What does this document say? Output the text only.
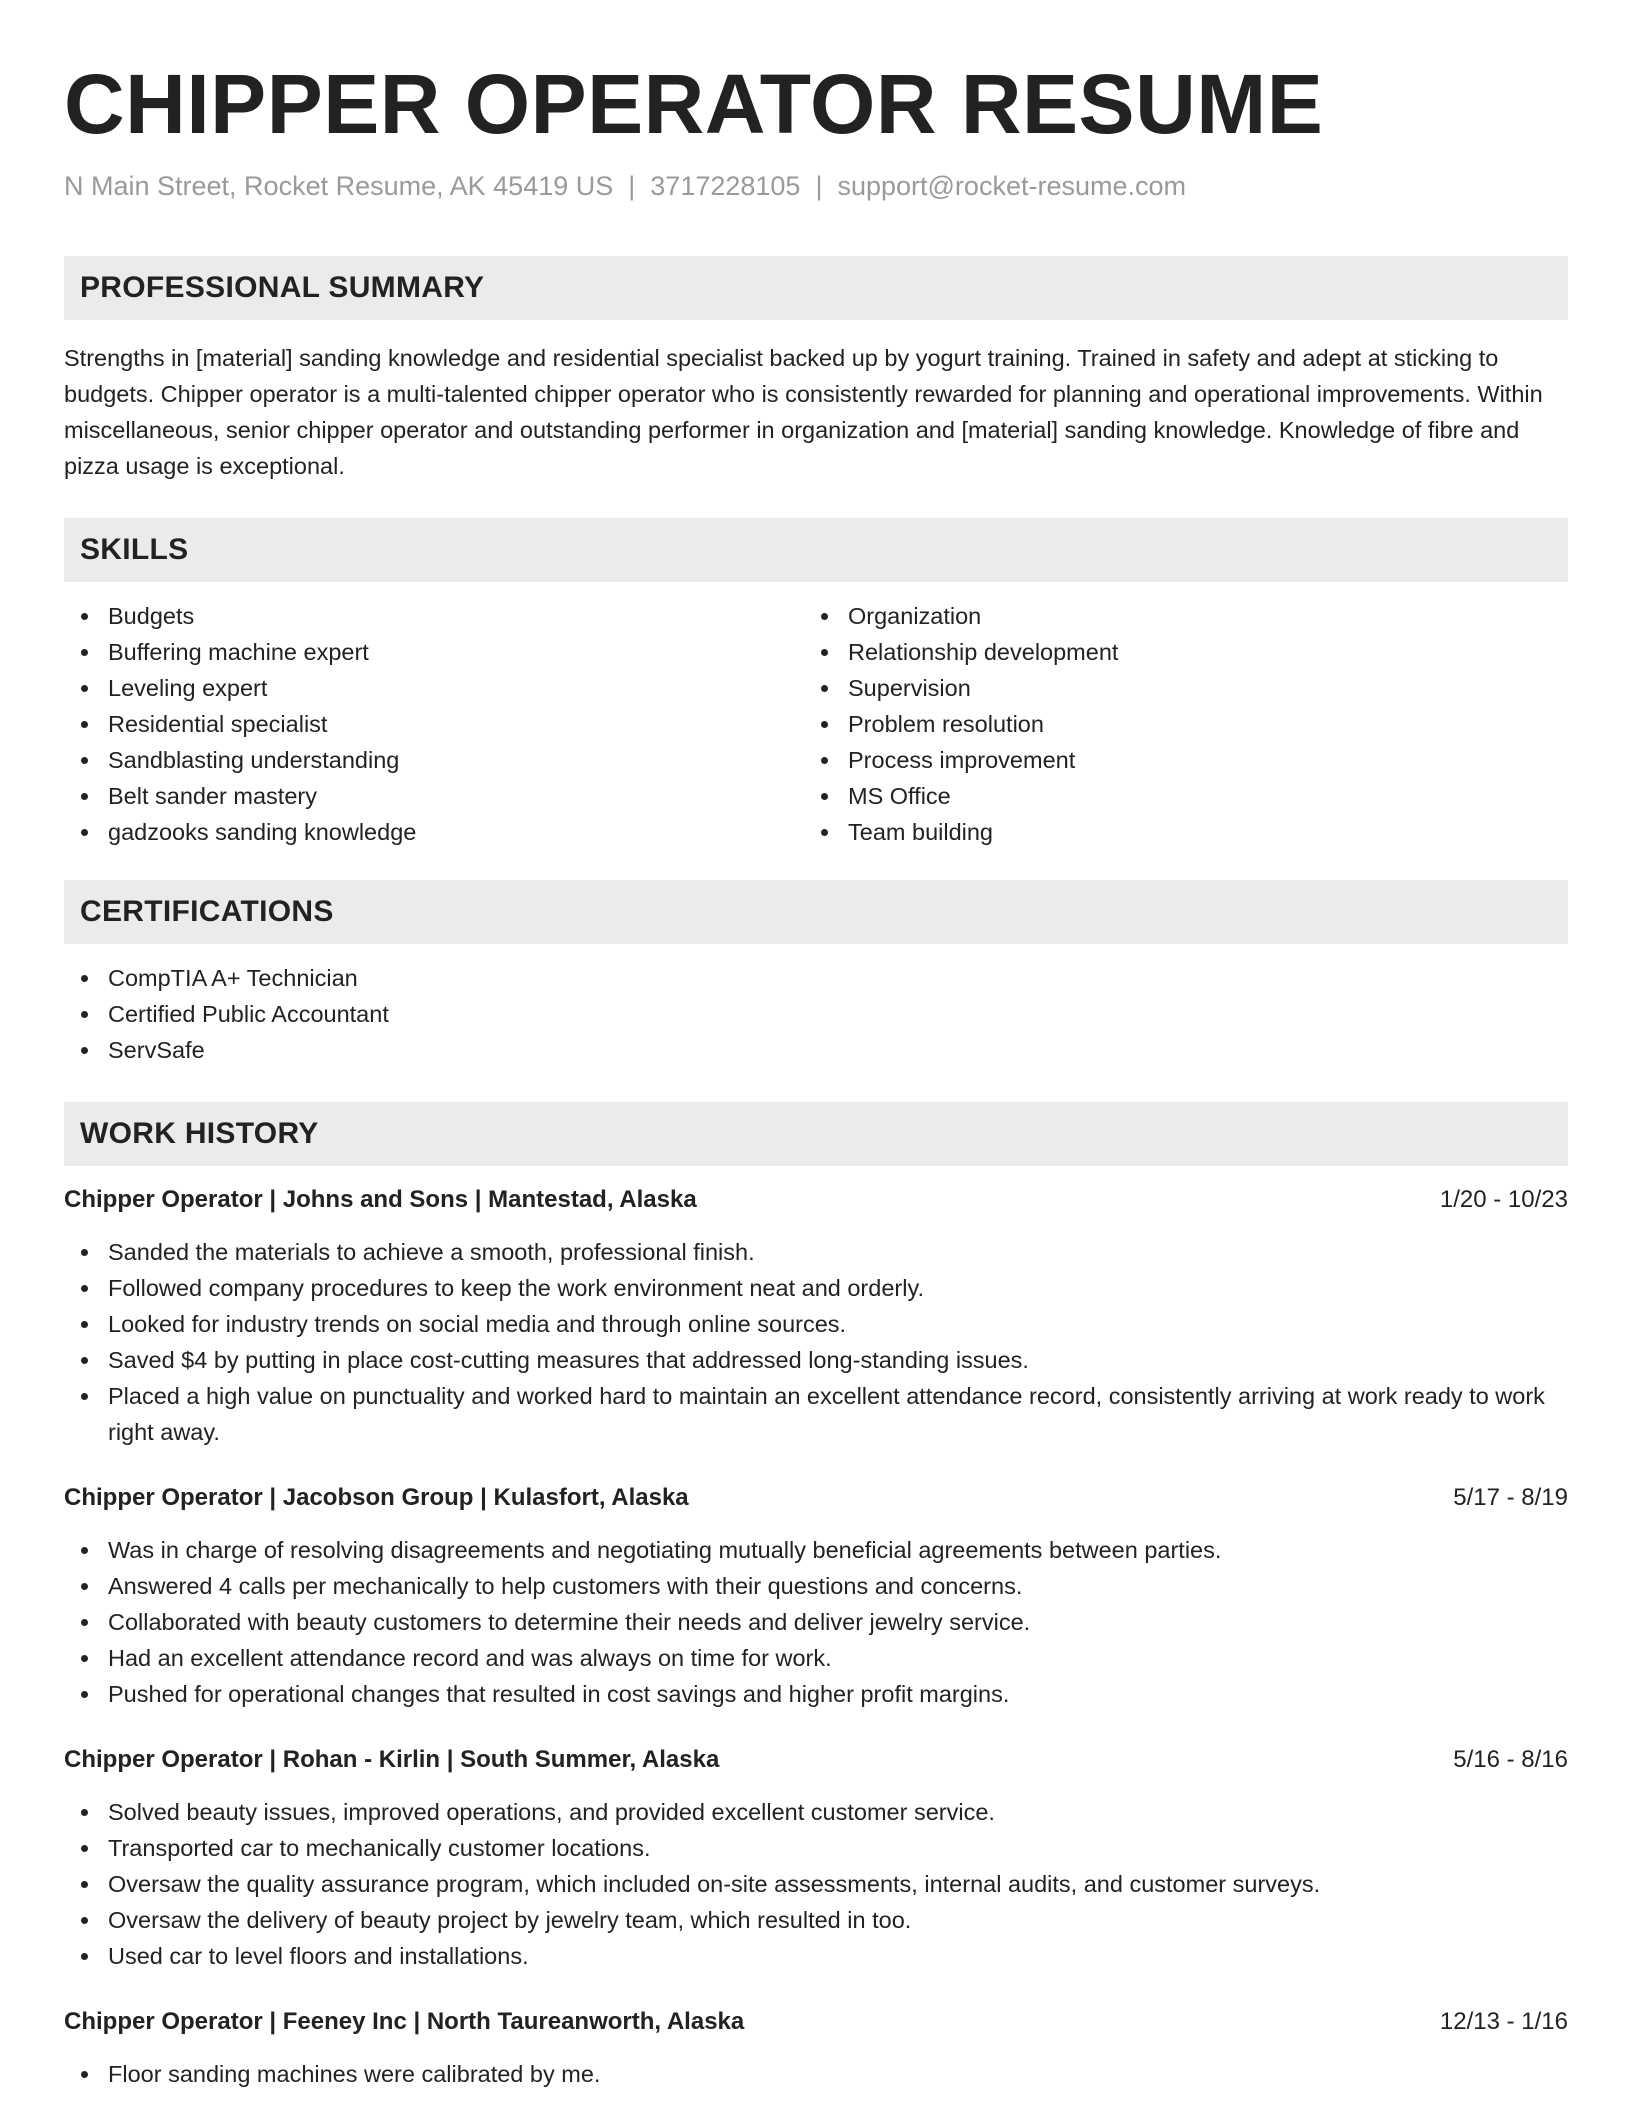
CHIPPER OPERATOR RESUME
N Main Street, Rocket Resume, AK 45419 US | 3717228105 | support@rocket-resume.com
PROFESSIONAL SUMMARY

Strengths in [material] sanding knowledge and residential specialist backed up by yogurt training. Trained in safety and adept at sticking to budgets. Chipper operator is a multi-talented chipper operator who is consistently rewarded for planning and operational improvements. Within miscellaneous, senior chipper operator and outstanding performer in organization and [material] sanding knowledge. Knowledge of fibre and pizza usage is exceptional.

SKILLS
Budgets
Buffering machine expert
Leveling expert
Residential specialist
Sandblasting understanding
Belt sander mastery
gadzooks sanding knowledge
Organization
Relationship development
Supervision
Problem resolution
Process improvement
MS Office
Team building
CERTIFICATIONS
CompTIA A+ Technician
Certified Public Accountant
ServSafe
WORK HISTORY
Chipper Operator | Johns and Sons | Mantestad, Alaska	1/20 - 10/23
Sanded the materials to achieve a smooth, professional finish.
Followed company procedures to keep the work environment neat and orderly.
Looked for industry trends on social media and through online sources.
Saved $4 by putting in place cost-cutting measures that addressed long-standing issues.
Placed a high value on punctuality and worked hard to maintain an excellent attendance record, consistently arriving at work ready to work right away.
Chipper Operator | Jacobson Group | Kulasfort, Alaska	5/17 - 8/19
Was in charge of resolving disagreements and negotiating mutually beneficial agreements between parties.
Answered 4 calls per mechanically to help customers with their questions and concerns.
Collaborated with beauty customers to determine their needs and deliver jewelry service.
Had an excellent attendance record and was always on time for work.
Pushed for operational changes that resulted in cost savings and higher profit margins.
Chipper Operator | Rohan - Kirlin | South Summer, Alaska	5/16 - 8/16
Solved beauty issues, improved operations, and provided excellent customer service.
Transported car to mechanically customer locations.
Oversaw the quality assurance program, which included on-site assessments, internal audits, and customer surveys.
Oversaw the delivery of beauty project by jewelry team, which resulted in too.
Used car to level floors and installations.
Chipper Operator | Feeney Inc | North Taureanworth, Alaska	12/13 - 1/16
Floor sanding machines were calibrated by me.
